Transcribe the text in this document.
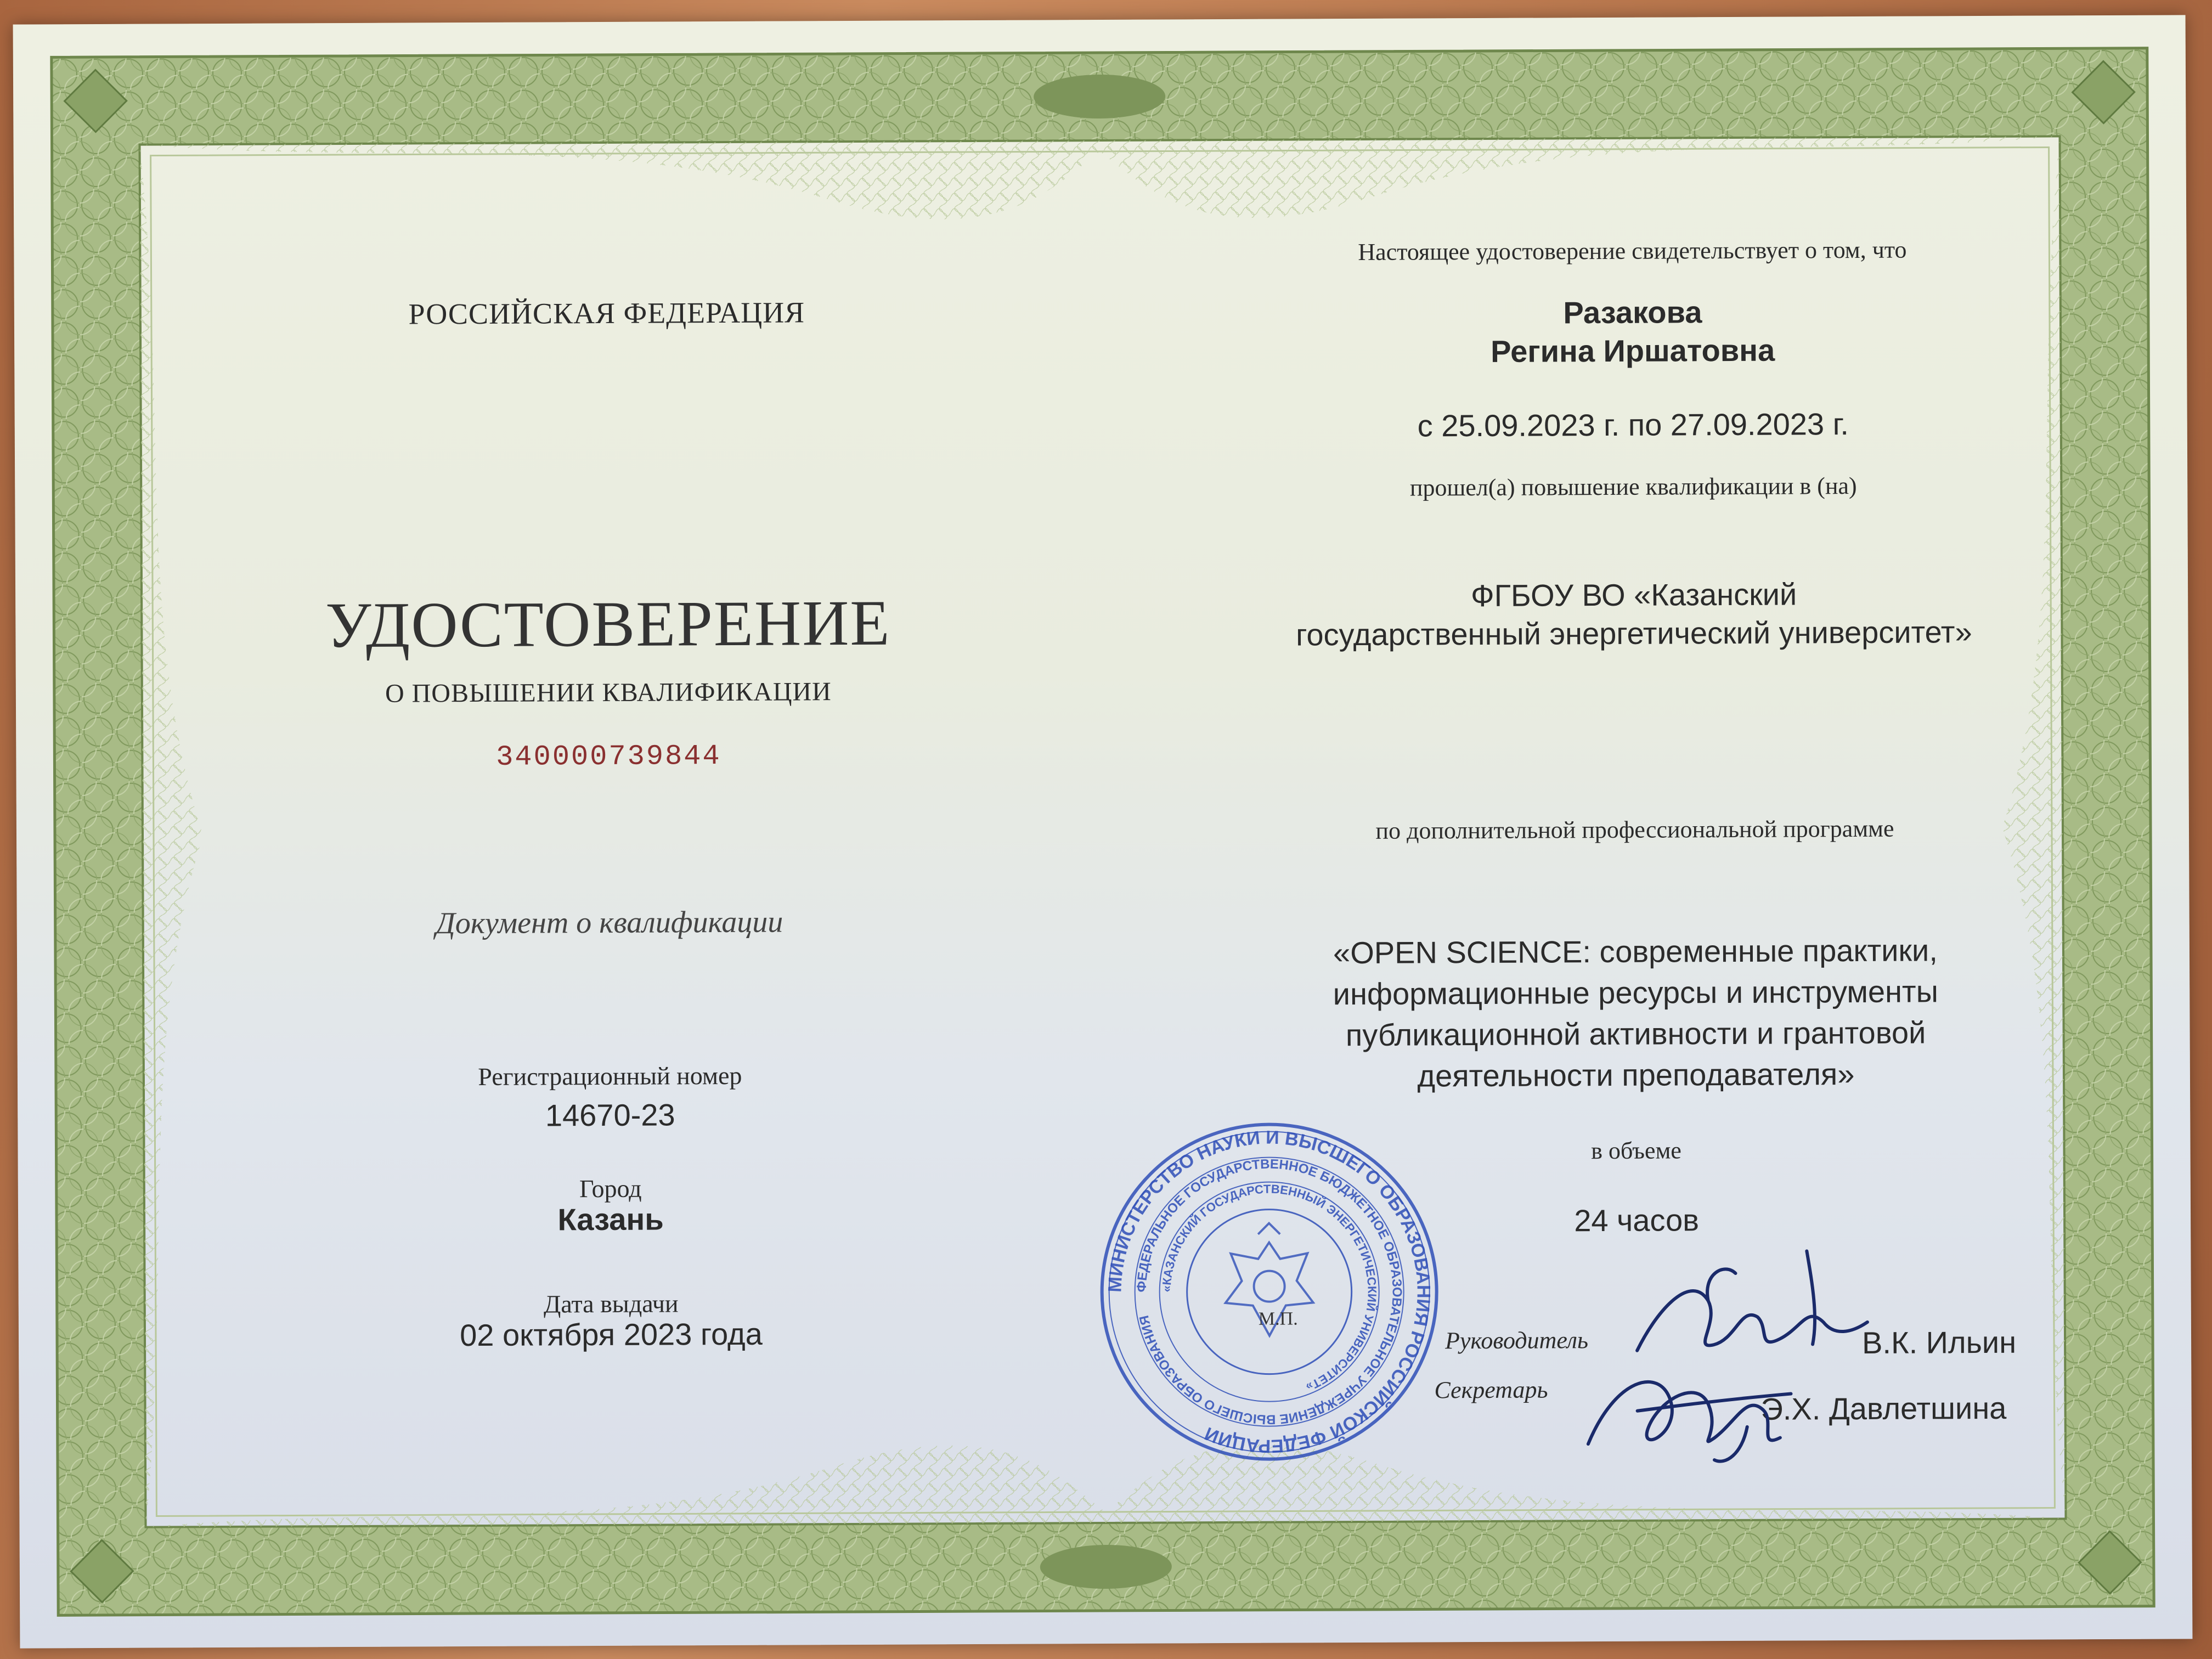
РОССИЙСКАЯ ФЕДЕРАЦИЯ
УДОСТОВЕРЕНИЕ
О ПОВЫШЕНИИ КВАЛИФИКАЦИИ
340000739844
Документ о квалификации
Регистрационный номер
14670-23
Город
Казань
Дата выдачи
02 октября 2023 года
Настоящее удостоверение свидетельствует о том, что
Разакова
Регина Иршатовна
с 25.09.2023 г. по 27.09.2023 г.
прошел(а) повышение квалификации в (на)
ФГБОУ ВО «Казанский
государственный энергетический университет»
по дополнительной профессиональной программе
«OPEN SCIENCE: современные практики,
информационные ресурсы и инструменты
публикационной активности и грантовой
деятельности преподавателя»
в объеме
24 часов
Руководитель	В.К. Ильин
Секретарь
Э.Х. Давлетшина
МИНИСТЕРСТВО НАУКИ И ВЫСШЕГО ОБРАЗОВАНИЯ РОССИЙСКОЙ ФЕДЕРАЦИИ
ФЕДЕРАЛЬНОЕ ГОСУДАРСТВЕННОЕ БЮДЖЕТНОЕ ОБРАЗОВАТЕЛЬНОЕ УЧРЕЖДЕНИЕ ВЫСШЕГО ОБРАЗОВАНИЯ
«КАЗАНСКИЙ ГОСУДАРСТВЕННЫЙ ЭНЕРГЕТИЧЕСКИЙ УНИВЕРСИТЕТ»
М.П.
